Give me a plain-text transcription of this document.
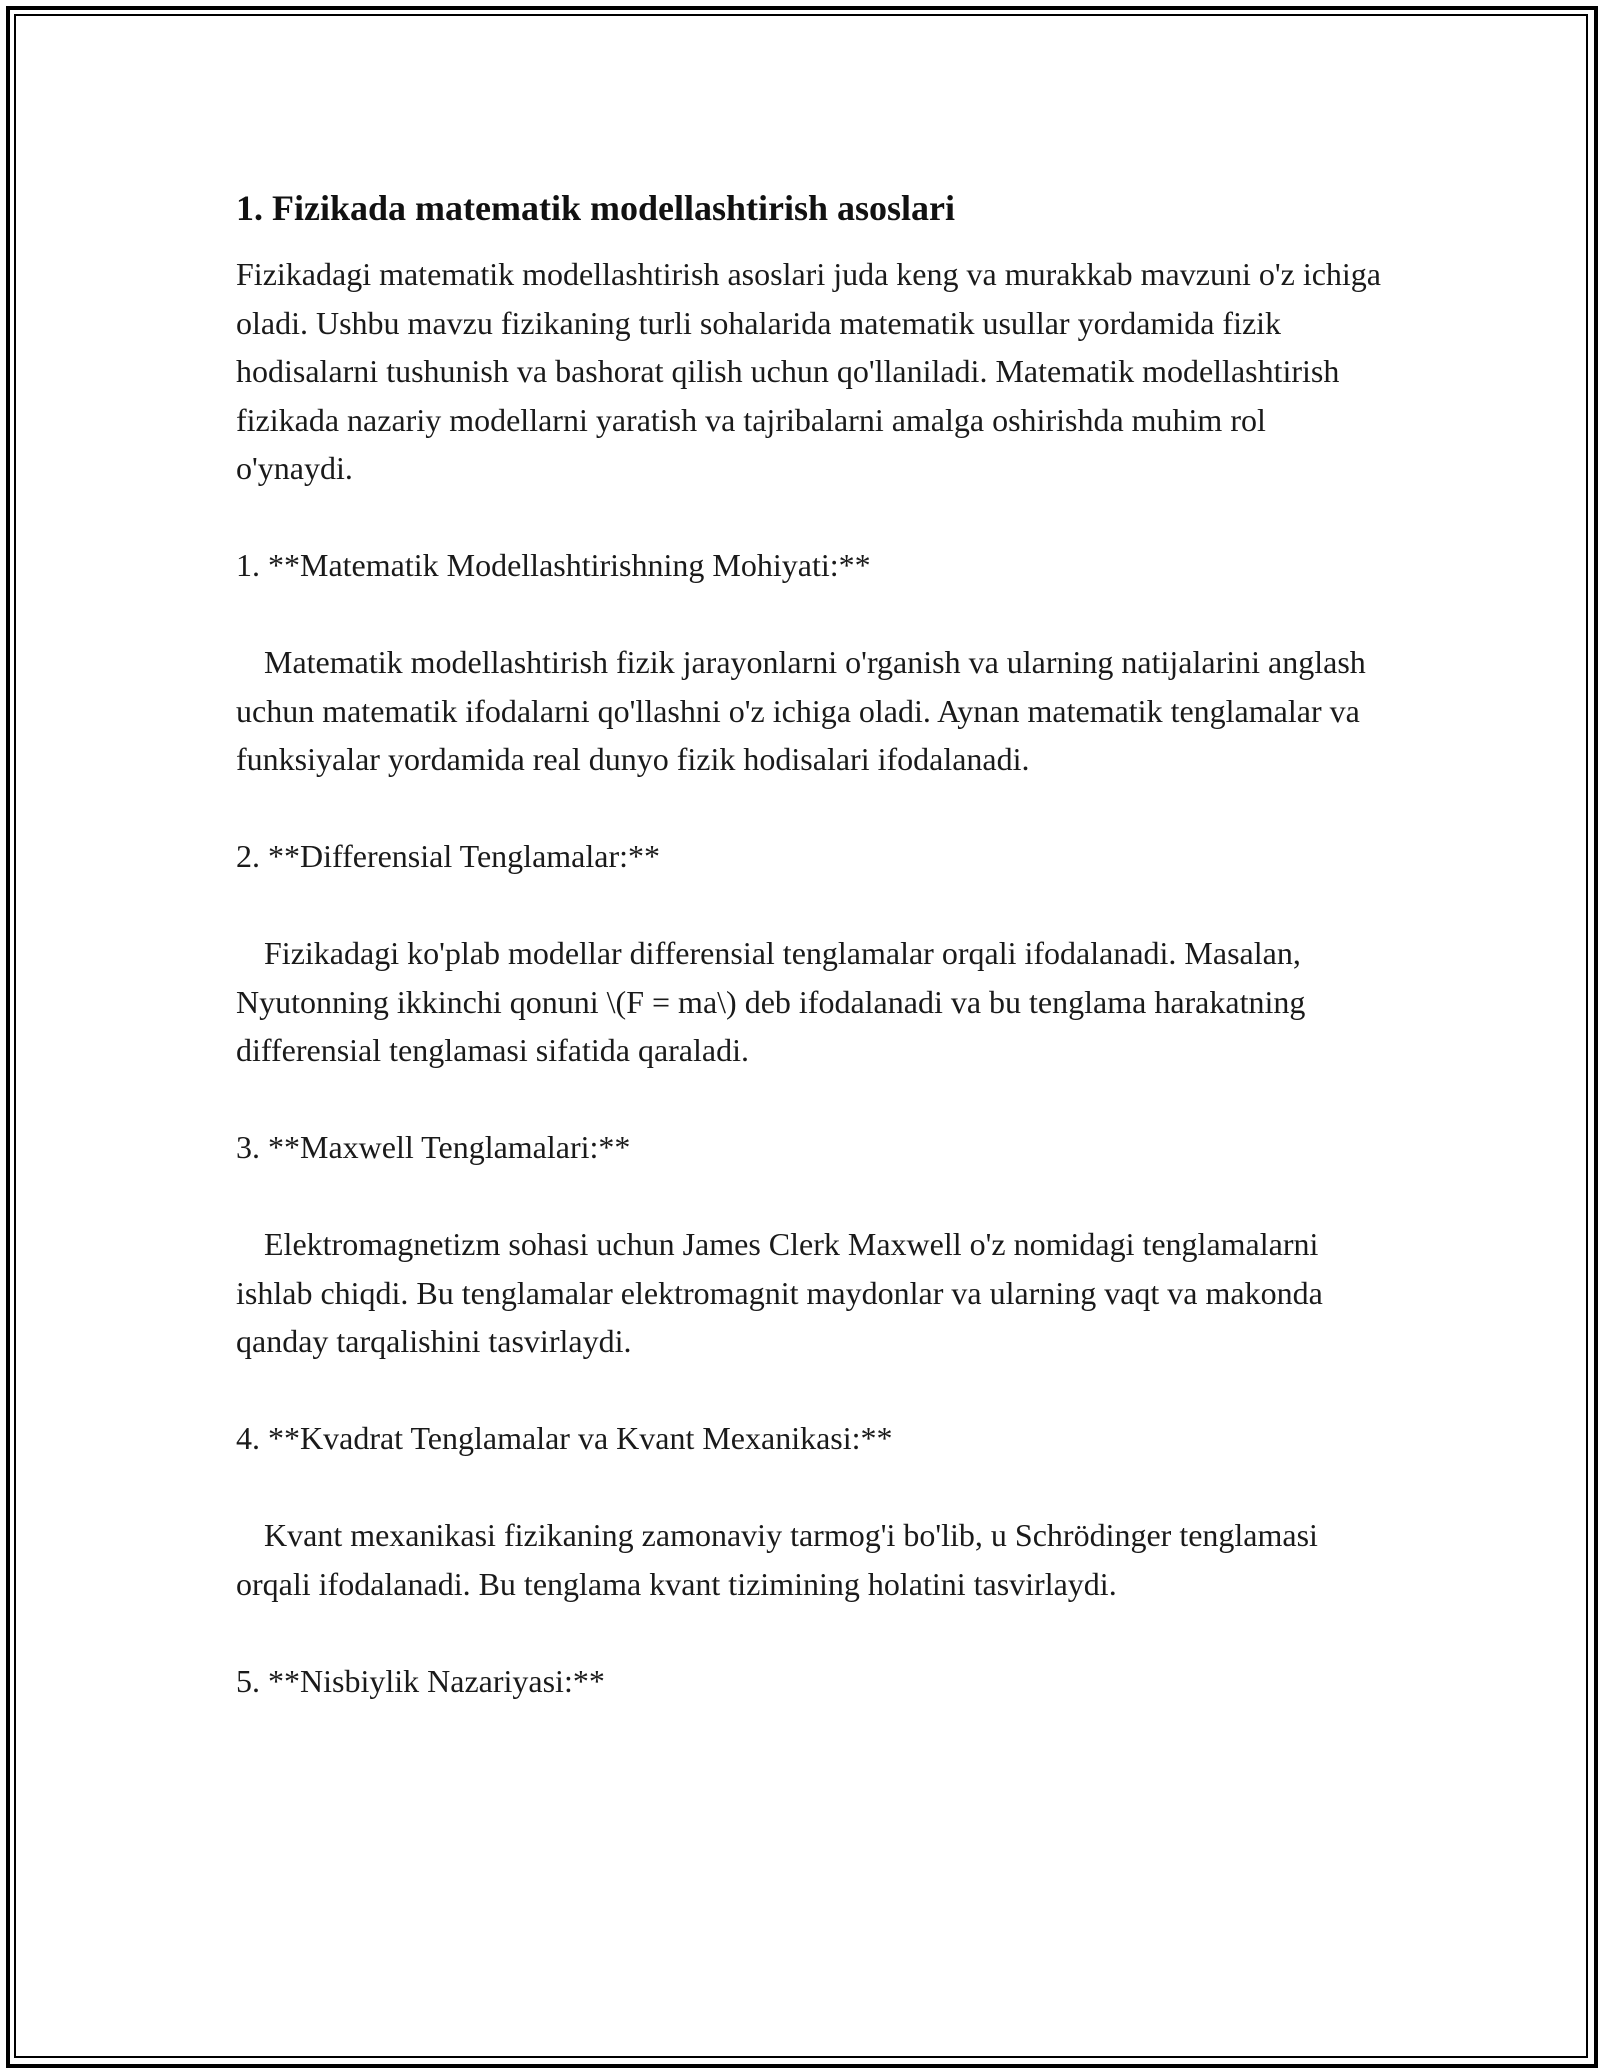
1. Fizikada matematik modellashtirish asoslari

Fizikadagi matematik modellashtirish asoslari juda keng va murakkab mavzuni o'z ichiga oladi. Ushbu mavzu fizikaning turli sohalarida matematik usullar yordamida fizik hodisalarni tushunish va bashorat qilish uchun qo'llaniladi. Matematik modellashtirish fizikada nazariy modellarni yaratish va tajribalarni amalga oshirishda muhim rol o'ynaydi.

1. **Matematik Modellashtirishning Mohiyati:**

Matematik modellashtirish fizik jarayonlarni o'rganish va ularning natijalarini anglash uchun matematik ifodalarni qo'llashni o'z ichiga oladi. Aynan matematik tenglamalar va funksiyalar yordamida real dunyo fizik hodisalari ifodalanadi.

2. **Differensial Tenglamalar:**

Fizikadagi ko'plab modellar differensial tenglamalar orqali ifodalanadi. Masalan, Nyutonning ikkinchi qonuni \(F = ma\) deb ifodalanadi va bu tenglama harakatning differensial tenglamasi sifatida qaraladi.

3. **Maxwell Tenglamalari:**

Elektromagnetizm sohasi uchun James Clerk Maxwell o'z nomidagi tenglamalarni ishlab chiqdi. Bu tenglamalar elektromagnit maydonlar va ularning vaqt va makonda qanday tarqalishini tasvirlaydi.

4. **Kvadrat Tenglamalar va Kvant Mexanikasi:**

Kvant mexanikasi fizikaning zamonaviy tarmog'i bo'lib, u Schrödinger tenglamasi orqali ifodalanadi. Bu tenglama kvant tizimining holatini tasvirlaydi.

5. **Nisbiylik Nazariyasi:**
